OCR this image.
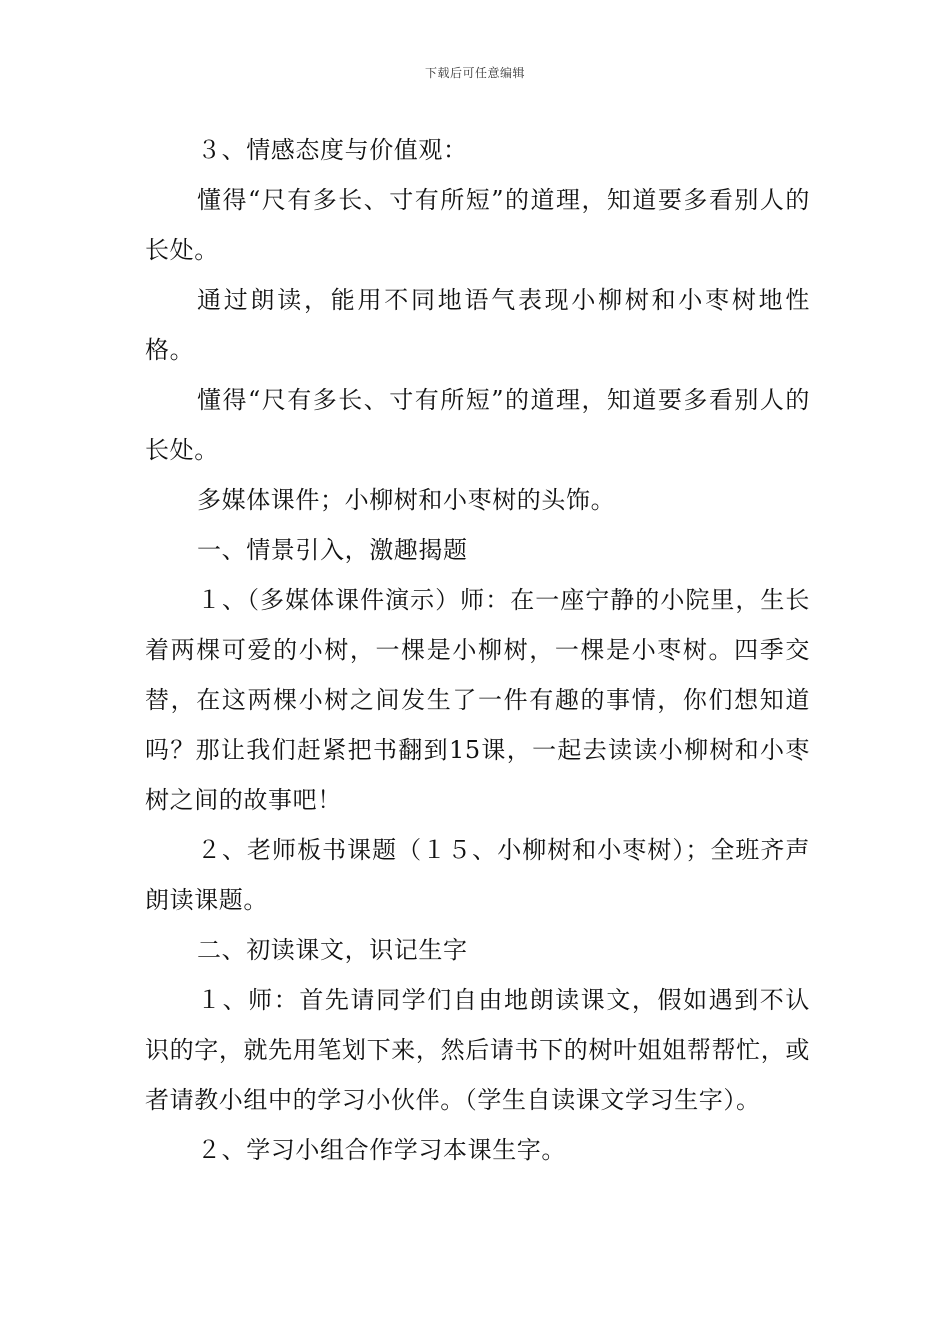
下载后可任意编辑

３、情感态度与价值观：

懂得“尺有多长、寸有所短”的道理，知道要多看别人的长处。

通过朗读，能用不同地语气表现小柳树和小枣树地性格。

懂得“尺有多长、寸有所短”的道理，知道要多看别人的长处。

多媒体课件；小柳树和小枣树的头饰。

一、情景引入，激趣揭题

１、（多媒体课件演示）师：在一座宁静的小院里，生长着两棵可爱的小树，一棵是小柳树，一棵是小枣树。四季交替，在这两棵小树之间发生了一件有趣的事情，你们想知道吗？那让我们赶紧把书翻到15课，一起去读读小柳树和小枣树之间的故事吧！

２、老师板书课题（１５、小柳树和小枣树）；全班齐声朗读课题。

二、初读课文，识记生字

１、师：首先请同学们自由地朗读课文，假如遇到不认识的字，就先用笔划下来，然后请书下的树叶姐姐帮帮忙，或者请教小组中的学习小伙伴。（学生自读课文学习生字）。

２、学习小组合作学习本课生字。
